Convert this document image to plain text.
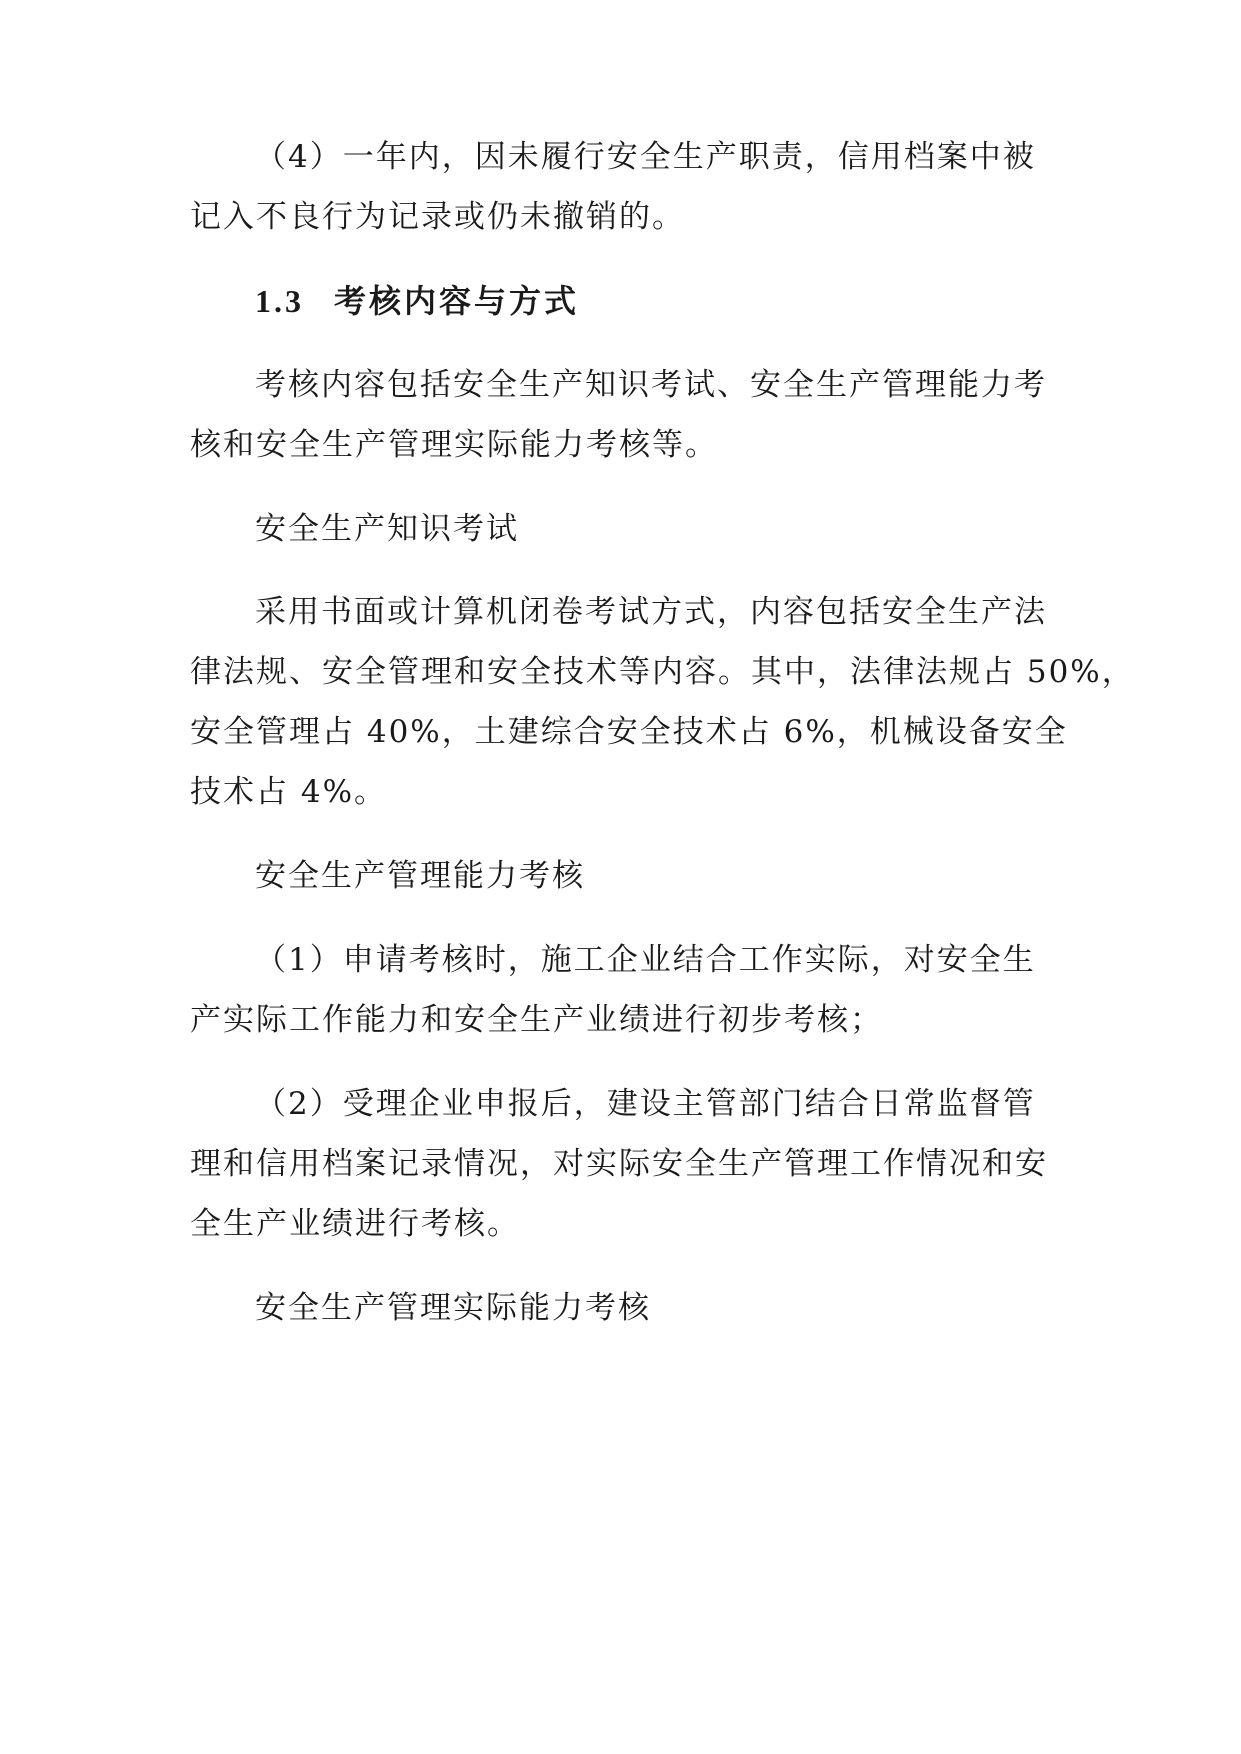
（4）一年内，因未履行安全生产职责，信用档案中被
记入不良行为记录或仍未撤销的。
1.3 考核内容与方式
考核内容包括安全生产知识考试、安全生产管理能力考
核和安全生产管理实际能力考核等。
安全生产知识考试
采用书面或计算机闭卷考试方式，内容包括安全生产法
律法规、安全管理和安全技术等内容。其中，法律法规占 50%，
安全管理占 40%，土建综合安全技术占 6%，机械设备安全
技术占 4%。
安全生产管理能力考核
（1）申请考核时，施工企业结合工作实际，对安全生
产实际工作能力和安全生产业绩进行初步考核；
（2）受理企业申报后，建设主管部门结合日常监督管
理和信用档案记录情况，对实际安全生产管理工作情况和安
全生产业绩进行考核。
安全生产管理实际能力考核
